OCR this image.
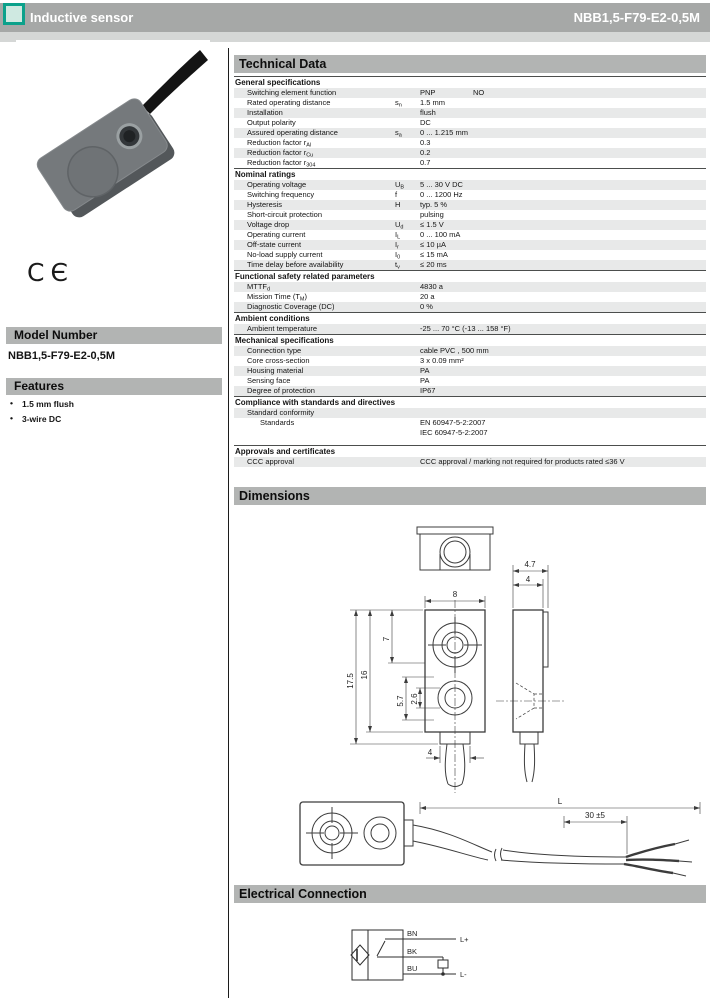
Inductive sensor	NBB1,5-F79-E2-0,5M
CЄ
Model Number
NBB1,5-F79-E2-0,5M
Features
• 1.5 mm flush
• 3-wire DC
Technical Data
General specifications
Switching element function	PNP	NO
Rated operating distance	$s_n$ 1.5 mm
Installation	flush
Output polarity	DC
Assured operating distance	$s_a$ 0 ... 1.215 mm
Reduction factor $r_{Al}$	0.3
Reduction factor $r_{Cu}$	0.2
Reduction factor $r_{304}$	0.7
Nominal ratings
Operating voltage	$U_B$ 5 ... 30 V DC
Switching frequency	f	0 ... 1200 Hz
Hysteresis	H	typ. 5 %
Short-circuit protection	pulsing
Voltage drop	$U_d \le 1.5$ V
Operating current	$I_L$	0 ... 100 mA
Off-state current	$I_r$	≤ 10 µA
No-load supply current	$I_0$	≤ 15 mA
Time delay before availability	$t_v$	≤ 20 ms
Functional safety related parameters
$MTTF_d$	4830 a
Mission Time $(T_M)$	20 a
Diagnostic Coverage (DC)	0 %
Ambient conditions
Ambient temperature	-25 ... 70 °C (-13 ... 158 °F)
Mechanical specifications
Connection type	cable PVC , 500 mm
Core cross-section	3 x 0.09 mm²
Housing material	PA
Sensing face	PA
Degree of protection	IP67
Compliance with standards and directives
Standard conformity
Standards	EN 60947-5-2:2007
IEC 60947-5-2:2007
Approvals and certificates
CCC approval	CCC approval / marking not required for products rated ≤36 V
Dimensions
8
4.7
4
17.5 16
7
5.7 2.6
4
L
30 ±5
Electrical Connection
BN
BK
BU
L+
L-
